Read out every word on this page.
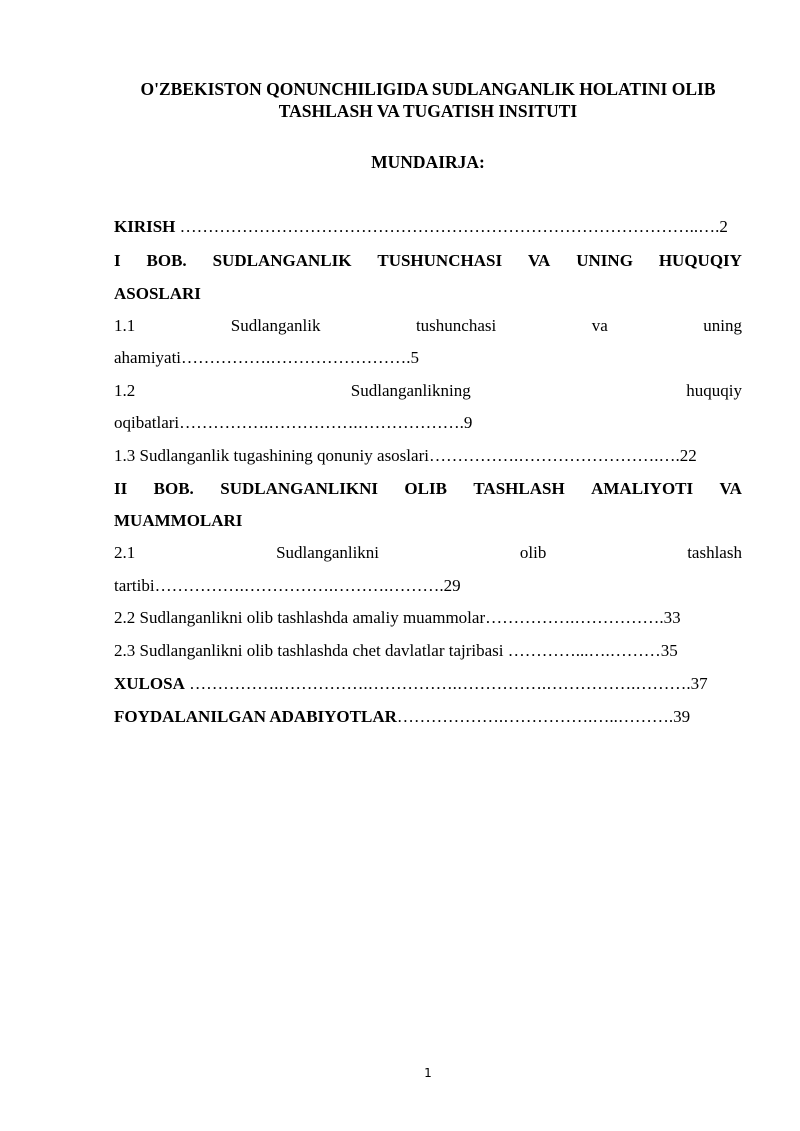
O'ZBEKISTON QONUNCHILIGIDA SUDLANGANLIK HOLATINI OLIB
TASHLASH VA TUGATISH INSITUTI
MUNDAIRJA:
KIRISH ………………………………………………………………………………..….2
I BOB. SUDLANGANLIK TUSHUNCHASI VA UNING HUQUQIY
ASOSLARI
1.1	Sudlanganlik	tushunchasi	va	uning
ahamiyati…………….…………………….5
1.2	Sudlanganlikning	huquqiy
oqibatlari…………….…………….……………….9
1.3 Sudlanganlik tugashining qonuniy asoslari…………….…………………….….22
II BOB. SUDLANGANLIKNI OLIB TASHLASH AMALIYOTI VA
MUAMMOLARI
2.1	Sudlanganlikni	olib	tashlash
tartibi…………….…………….……….……….29
2.2 Sudlanganlikni olib tashlashda amaliy muammolar…………….…………….33
2.3 Sudlanganlikni olib tashlashda chet davlatlar tajribasi …………...….………35
XULOSA …………….…………….…………….…………….…………….……….37
FOYDALANILGAN ADABIYOTLAR……………….…………….…..……….39
1
